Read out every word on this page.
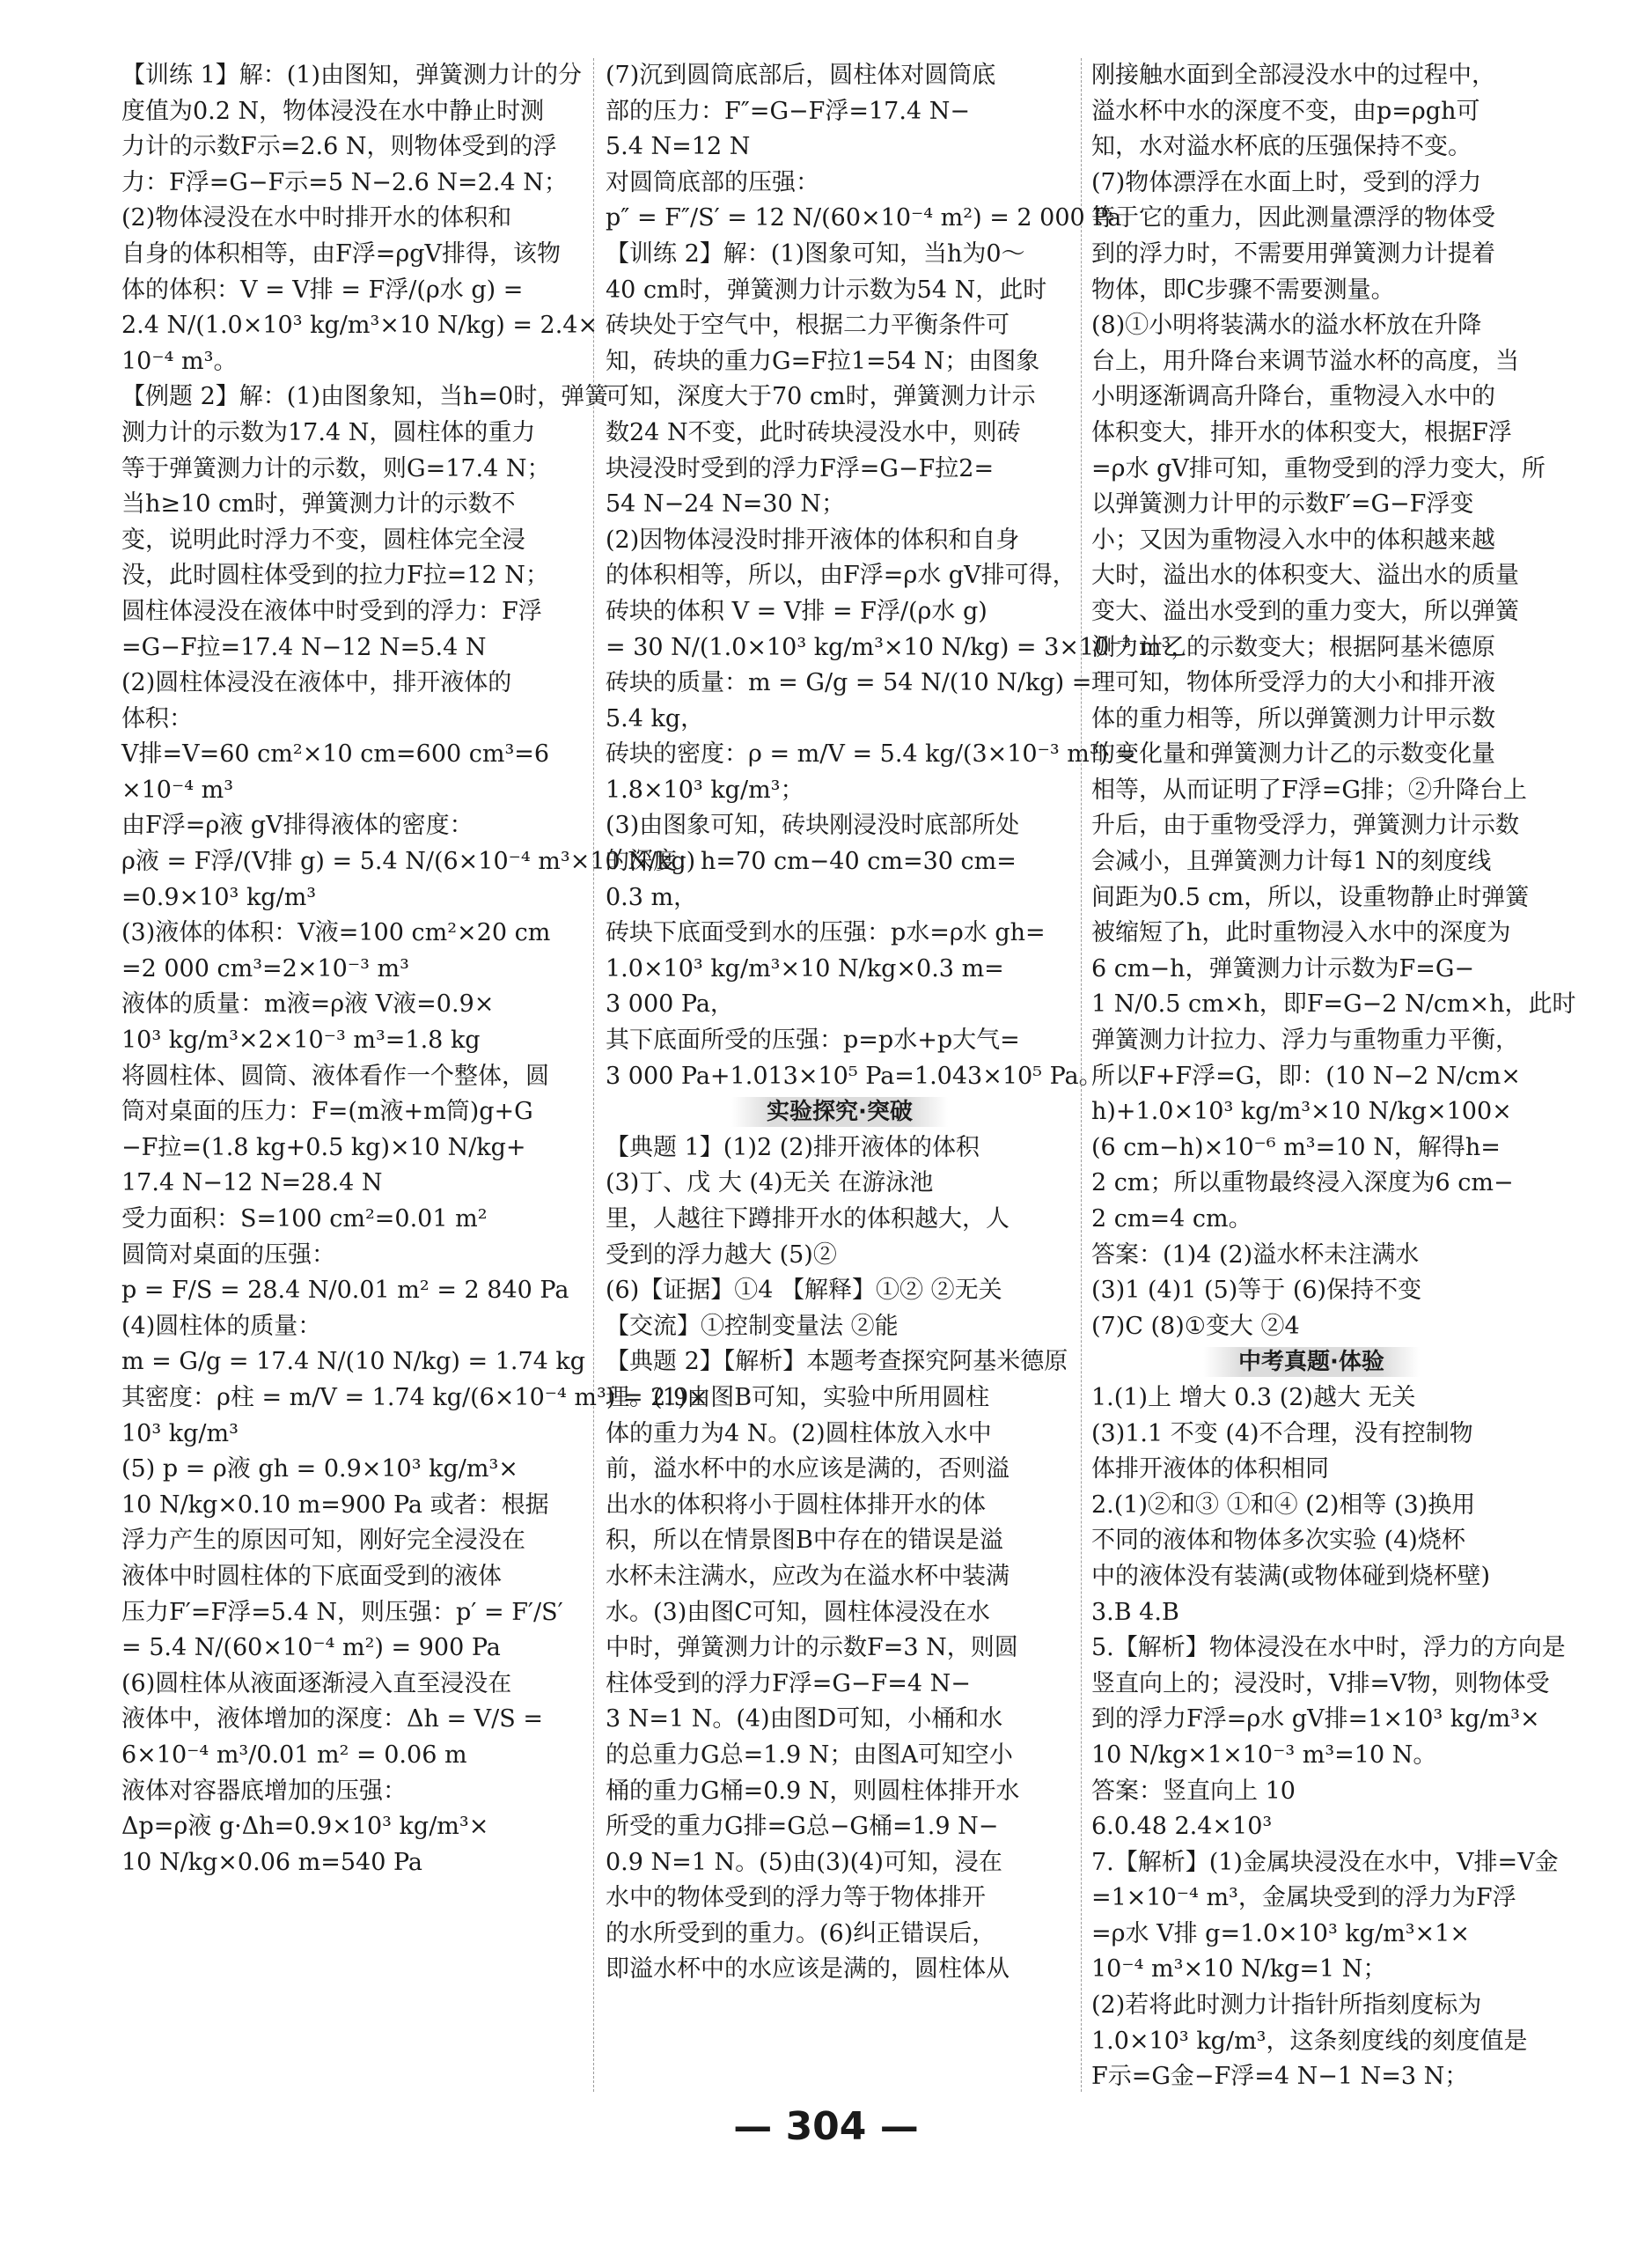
【训练 1】解：(1)由图知，弹簧测力计的分
度值为0.2 N，物体浸没在水中静止时测
力计的示数F示=2.6 N，则物体受到的浮
力：F浮=G−F示=5 N−2.6 N=2.4 N；
(2)物体浸没在水中时排开水的体积和
自身的体积相等，由F浮=ρgV排得，该物
体的体积：V = V排 = F浮/(ρ水 g) =
2.4 N/(1.0×10³ kg/m³×10 N/kg) = 2.4×
10⁻⁴ m³。
【例题 2】解：(1)由图象知，当h=0时，弹簧
测力计的示数为17.4 N，圆柱体的重力
等于弹簧测力计的示数，则G=17.4 N；
当h≥10 cm时，弹簧测力计的示数不
变，说明此时浮力不变，圆柱体完全浸
没，此时圆柱体受到的拉力F拉=12 N；
圆柱体浸没在液体中时受到的浮力：F浮
=G−F拉=17.4 N−12 N=5.4 N
(2)圆柱体浸没在液体中，排开液体的
体积：
V排=V=60 cm²×10 cm=600 cm³=6
×10⁻⁴ m³
由F浮=ρ液 gV排得液体的密度：
ρ液 = F浮/(V排 g) = 5.4 N/(6×10⁻⁴ m³×10 N/kg)
=0.9×10³ kg/m³
(3)液体的体积：V液=100 cm²×20 cm
=2 000 cm³=2×10⁻³ m³
液体的质量：m液=ρ液 V液=0.9×
10³ kg/m³×2×10⁻³ m³=1.8 kg
将圆柱体、圆筒、液体看作一个整体，圆
筒对桌面的压力：F=(m液+m筒)g+G
−F拉=(1.8 kg+0.5 kg)×10 N/kg+
17.4 N−12 N=28.4 N
受力面积：S=100 cm²=0.01 m²
圆筒对桌面的压强：
p = F/S = 28.4 N/0.01 m² = 2 840 Pa
(4)圆柱体的质量：
m = G/g = 17.4 N/(10 N/kg) = 1.74 kg
其密度：ρ柱 = m/V = 1.74 kg/(6×10⁻⁴ m³) = 2.9×
10³ kg/m³
(5) p = ρ液 gh = 0.9×10³ kg/m³×
10 N/kg×0.10 m=900 Pa 或者：根据
浮力产生的原因可知，刚好完全浸没在
液体中时圆柱体的下底面受到的液体
压力F′=F浮=5.4 N，则压强：p′ = F′/S′
= 5.4 N/(60×10⁻⁴ m²) = 900 Pa
(6)圆柱体从液面逐渐浸入直至浸没在
液体中，液体增加的深度：Δh = V/S =
6×10⁻⁴ m³/0.01 m² = 0.06 m
液体对容器底增加的压强：
Δp=ρ液 g·Δh=0.9×10³ kg/m³×
10 N/kg×0.06 m=540 Pa
(7)沉到圆筒底部后，圆柱体对圆筒底
部的压力：F″=G−F浮=17.4 N−
5.4 N=12 N
对圆筒底部的压强：
p″ = F″/S′ = 12 N/(60×10⁻⁴ m²) = 2 000 Pa
【训练 2】解：(1)图象可知，当h为0～
40 cm时，弹簧测力计示数为54 N，此时
砖块处于空气中，根据二力平衡条件可
知，砖块的重力G=F拉1=54 N；由图象
可知，深度大于70 cm时，弹簧测力计示
数24 N不变，此时砖块浸没水中，则砖
块浸没时受到的浮力F浮=G−F拉2=
54 N−24 N=30 N；
(2)因物体浸没时排开液体的体积和自身
的体积相等，所以，由F浮=ρ水 gV排可得，
砖块的体积 V = V排 = F浮/(ρ水 g)
= 30 N/(1.0×10³ kg/m³×10 N/kg) = 3×10⁻³ m³，
砖块的质量：m = G/g = 54 N/(10 N/kg) =
5.4 kg，
砖块的密度：ρ = m/V = 5.4 kg/(3×10⁻³ m³) =
1.8×10³ kg/m³；
(3)由图象可知，砖块刚浸没时底部所处
的深度：h=70 cm−40 cm=30 cm=
0.3 m，
砖块下底面受到水的压强：p水=ρ水 gh=
1.0×10³ kg/m³×10 N/kg×0.3 m=
3 000 Pa，
其下底面所受的压强：p=p水+p大气=
3 000 Pa+1.013×10⁵ Pa=1.043×10⁵ Pa。
实验探究·突破
【典题 1】(1)2 (2)排开液体的体积
(3)丁、戊 大 (4)无关 在游泳池
里，人越往下蹲排开水的体积越大，人
受到的浮力越大 (5)②
(6)【证据】①4 【解释】①② ②无关
【交流】①控制变量法 ②能
【典题 2】【解析】本题考查探究阿基米德原
理。(1)由图B可知，实验中所用圆柱
体的重力为4 N。(2)圆柱体放入水中
前，溢水杯中的水应该是满的，否则溢
出水的体积将小于圆柱体排开水的体
积，所以在情景图B中存在的错误是溢
水杯未注满水，应改为在溢水杯中装满
水。(3)由图C可知，圆柱体浸没在水
中时，弹簧测力计的示数F=3 N，则圆
柱体受到的浮力F浮=G−F=4 N−
3 N=1 N。(4)由图D可知，小桶和水
的总重力G总=1.9 N；由图A可知空小
桶的重力G桶=0.9 N，则圆柱体排开水
所受的重力G排=G总−G桶=1.9 N−
0.9 N=1 N。(5)由(3)(4)可知，浸在
水中的物体受到的浮力等于物体排开
的水所受到的重力。(6)纠正错误后，
即溢水杯中的水应该是满的，圆柱体从
刚接触水面到全部浸没水中的过程中，
溢水杯中水的深度不变，由p=ρgh可
知，水对溢水杯底的压强保持不变。
(7)物体漂浮在水面上时，受到的浮力
等于它的重力，因此测量漂浮的物体受
到的浮力时，不需要用弹簧测力计提着
物体，即C步骤不需要测量。
(8)①小明将装满水的溢水杯放在升降
台上，用升降台来调节溢水杯的高度，当
小明逐渐调高升降台，重物浸入水中的
体积变大，排开水的体积变大，根据F浮
=ρ水 gV排可知，重物受到的浮力变大，所
以弹簧测力计甲的示数F′=G−F浮变
小；又因为重物浸入水中的体积越来越
大时，溢出水的体积变大、溢出水的质量
变大、溢出水受到的重力变大，所以弹簧
测力计乙的示数变大；根据阿基米德原
理可知，物体所受浮力的大小和排开液
体的重力相等，所以弹簧测力计甲示数
的变化量和弹簧测力计乙的示数变化量
相等，从而证明了F浮=G排；②升降台上
升后，由于重物受浮力，弹簧测力计示数
会减小，且弹簧测力计每1 N的刻度线
间距为0.5 cm，所以，设重物静止时弹簧
被缩短了h，此时重物浸入水中的深度为
6 cm−h，弹簧测力计示数为F=G−
1 N/0.5 cm×h，即F=G−2 N/cm×h，此时
弹簧测力计拉力、浮力与重物重力平衡，
所以F+F浮=G，即：(10 N−2 N/cm×
h)+1.0×10³ kg/m³×10 N/kg×100×
(6 cm−h)×10⁻⁶ m³=10 N，解得h=
2 cm；所以重物最终浸入深度为6 cm−
2 cm=4 cm。
答案：(1)4 (2)溢水杯未注满水
(3)1 (4)1 (5)等于 (6)保持不变
(7)C (8)①变大 ②4
中考真题·体验
1.(1)上 增大 0.3 (2)越大 无关
(3)1.1 不变 (4)不合理，没有控制物
体排开液体的体积相同
2.(1)②和③ ①和④ (2)相等 (3)换用
不同的液体和物体多次实验 (4)烧杯
中的液体没有装满(或物体碰到烧杯壁)
3.B 4.B
5.【解析】物体浸没在水中时，浮力的方向是
竖直向上的；浸没时，V排=V物，则物体受
到的浮力F浮=ρ水 gV排=1×10³ kg/m³×
10 N/kg×1×10⁻³ m³=10 N。
答案：竖直向上 10
6.0.48 2.4×10³
7.【解析】(1)金属块浸没在水中，V排=V金
=1×10⁻⁴ m³，金属块受到的浮力为F浮
=ρ水 V排 g=1.0×10³ kg/m³×1×
10⁻⁴ m³×10 N/kg=1 N；
(2)若将此时测力计指针所指刻度标为
1.0×10³ kg/m³，这条刻度线的刻度值是
F示=G金−F浮=4 N−1 N=3 N；
— 304 —
